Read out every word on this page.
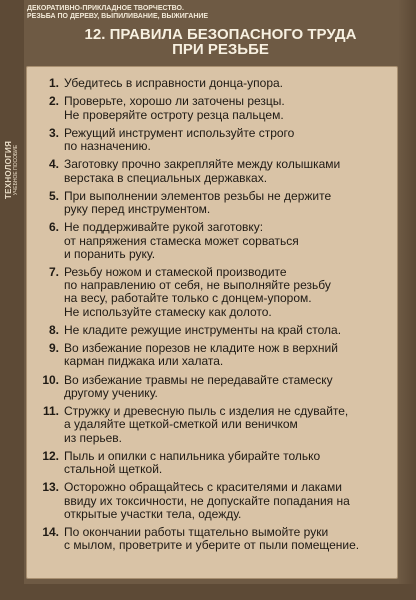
ТЕХНОЛОГИЯ УЧЕБНОЕ ПОСОБИЕ
ДЕКОРАТИВНО-ПРИКЛАДНОЕ ТВОРЧЕСТВО.
РЕЗЬБА ПО ДЕРЕВУ, ВЫПИЛИВАНИЕ, ВЫЖИГАНИЕ
12. ПРАВИЛА БЕЗОПАСНОГО ТРУДА
ПРИ РЕЗЬБЕ
1. Убедитесь в исправности донца-упора.
2. Проверьте, хорошо ли заточены резцы.
Не проверяйте остроту резца пальцем.
3. Режущий инструмент используйте строго
по назначению.
4. Заготовку прочно закрепляйте между колышками
верстака в специальных державках.
5. При выполнении элементов резьбы не держите
руку перед инструментом.
6. Не поддерживайте рукой заготовку:
от напряжения стамеска может сорваться
и поранить руку.
7. Резьбу ножом и стамеской производите
по направлению от себя, не выполняйте резьбу
на весу, работайте только с донцем-упором.
Не используйте стамеску как долото.
8. Не кладите режущие инструменты на край стола.
9. Во избежание порезов не кладите нож в верхний
карман пиджака или халата.
10. Во избежание травмы не передавайте стамеску
другому ученику.
11. Стружку и древесную пыль с изделия не сдувайте,
а удаляйте щеткой-сметкой или веничком
из перьев.
12. Пыль и опилки с напильника убирайте только
стальной щеткой.
13. Осторожно обращайтесь с красителями и лаками
ввиду их токсичности, не допускайте попадания на
открытые участки тела, одежду.
14. По окончании работы тщательно вымойте руки
с мылом, проветрите и уберите от пыли помещение.
